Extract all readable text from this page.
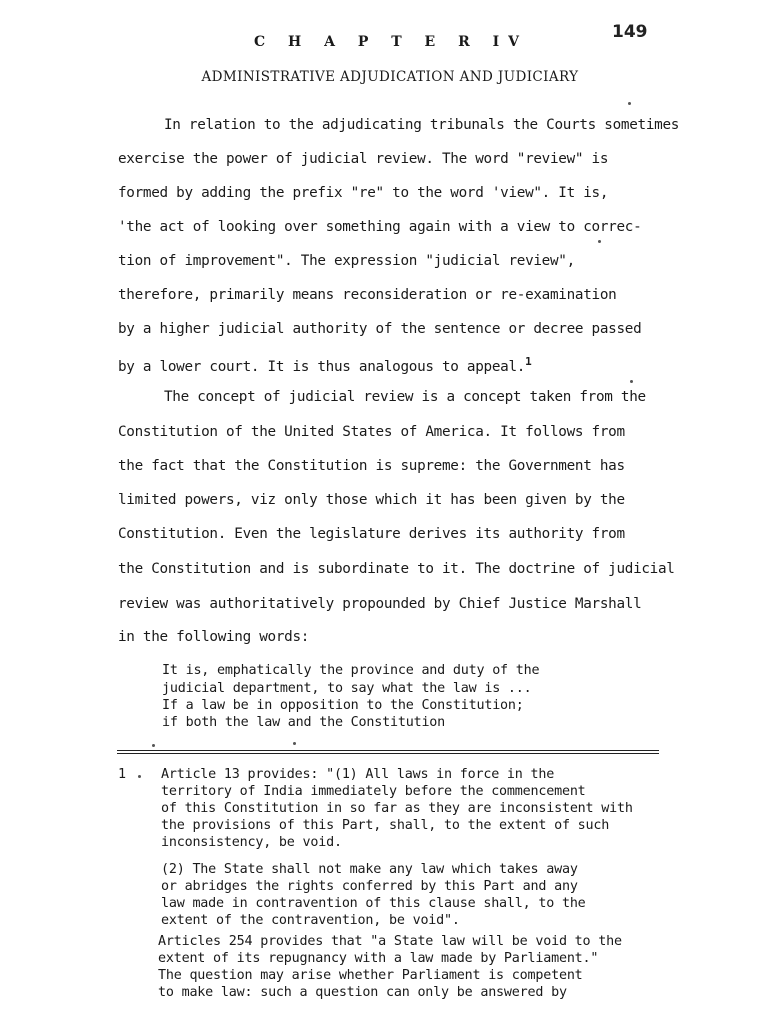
149
C H A P T E R IV
ADMINISTRATIVE ADJUDICATION AND JUDICIARY
In relation to the adjudicating tribunals the Courts sometimes
exercise the power of judicial review. The word "review" is
formed by adding the prefix "re" to the word 'view". It is,
'the act of looking over something again with a view to correc-
tion of improvement". The expression "judicial review",
therefore, primarily means reconsideration or re-examination
by a higher judicial authority of the sentence or decree passed
by a lower court. It is thus analogous to appeal.$^1$
The concept of judicial review is a concept taken from the
Constitution of the United States of America. It follows from
the fact that the Constitution is supreme: the Government has
limited powers, viz only those which it has been given by the
Constitution. Even the legislature derives its authority from
the Constitution and is subordinate to it. The doctrine of judicial
review was authoritatively propounded by Chief Justice Marshall
in the following words:
It is, emphatically the province and duty of the
judicial department, to say what the law is ...
If a law be in opposition to the Constitution;
if both the law and the Constitution
1	Article 13 provides: "(1) All laws in force in the
territory of India immediately before the commencement
of this Constitution in so far as they are inconsistent with
the provisions of this Part, shall, to the extent of such
inconsistency, be void.
(2) The State shall not make any law which takes away
or abridges the rights conferred by this Part and any
law made in contravention of this clause shall, to the
extent of the contravention, be void".
Articles 254 provides that "a State law will be void to the
extent of its repugnancy with a law made by Parliament."
The question may arise whether Parliament is competent
to make law: such a question can only be answered by
